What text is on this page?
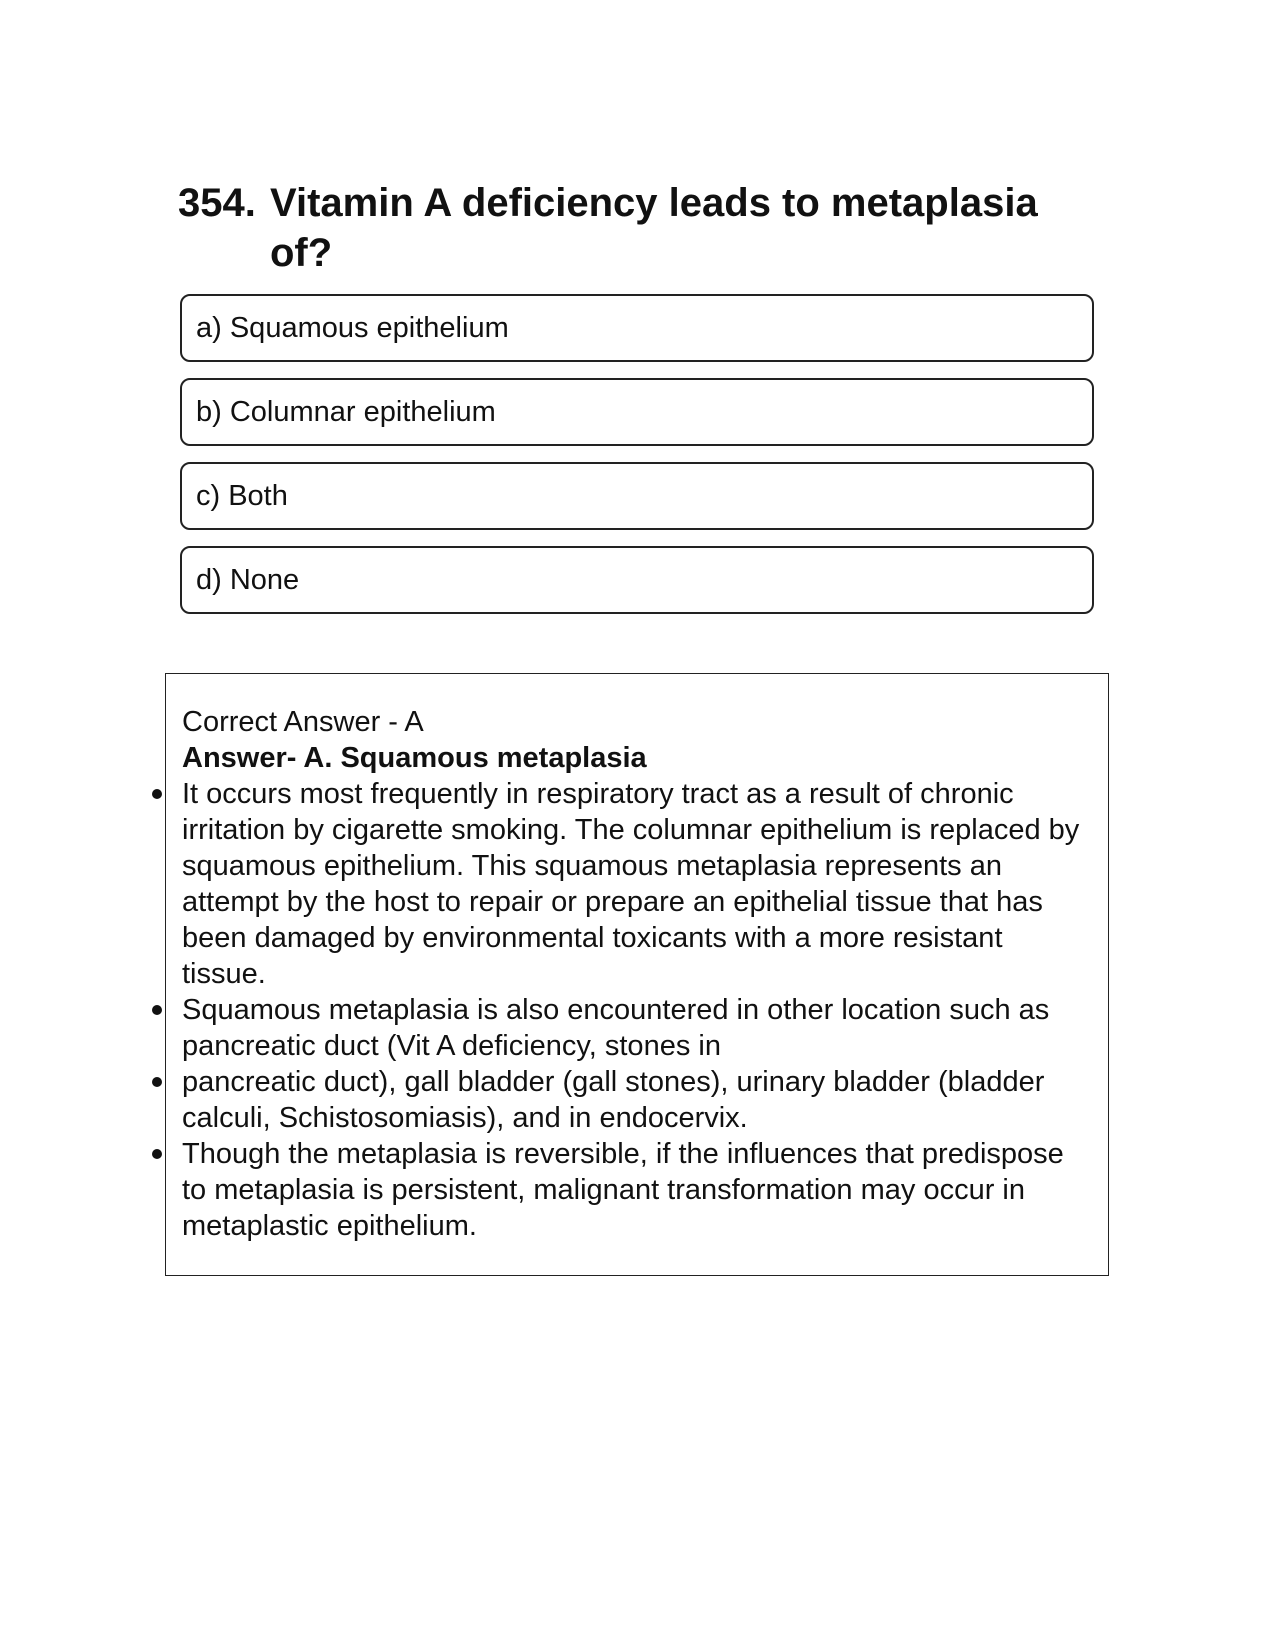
354. Vitamin A deficiency leads to metaplasia of?
a) Squamous epithelium
b) Columnar epithelium
c) Both
d) None

Correct Answer - A

Answer- A. Squamous metaplasia

It occurs most frequently in respiratory tract as a result of chronic irritation by cigarette smoking. The columnar epithelium is replaced by squamous epithelium. This squamous metaplasia represents an attempt by the host to repair or prepare an epithelial tissue that has been damaged by environmental toxicants with a more resistant tissue.
Squamous metaplasia is also encountered in other location such as pancreatic duct (Vit A deficiency, stones in
pancreatic duct), gall bladder (gall stones), urinary bladder (bladder calculi, Schistosomiasis), and in endocervix.
Though the metaplasia is reversible, if the influences that predispose to metaplasia is persistent, malignant transformation may occur in metaplastic epithelium.
